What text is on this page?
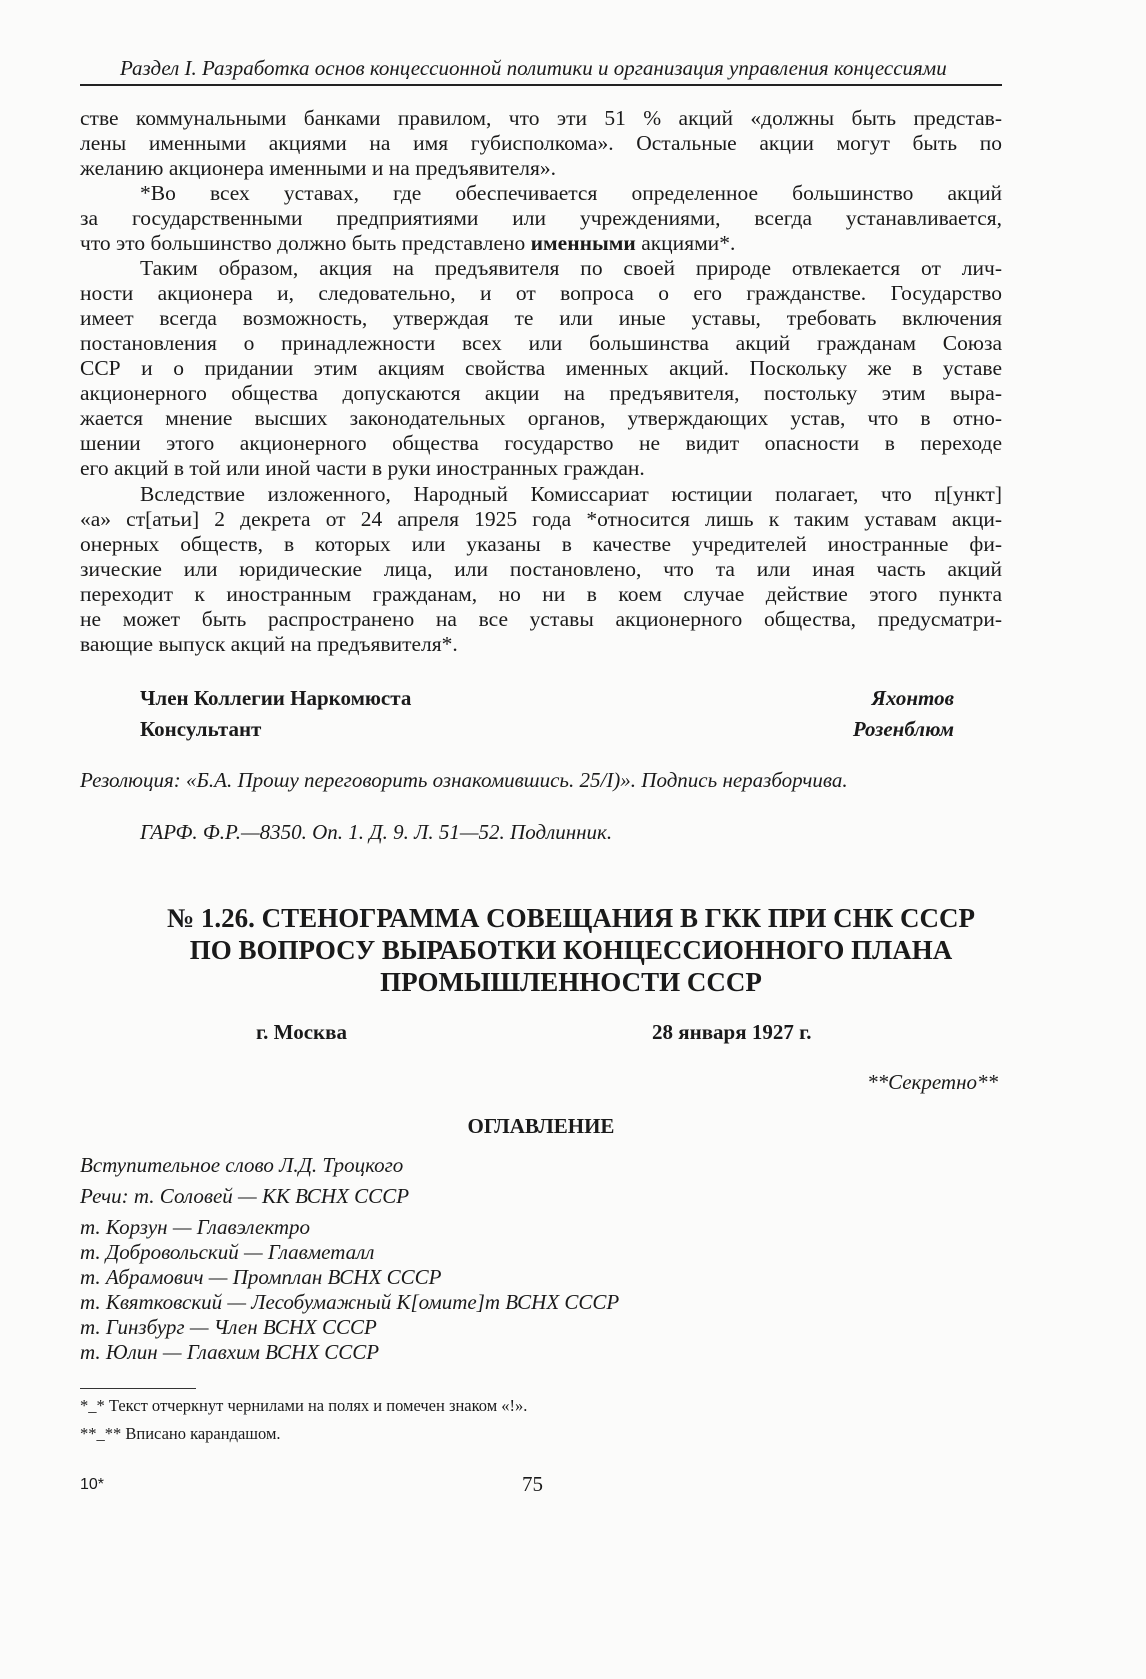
Раздел I. Разработка основ концессионной политики и организация управления концессиями
стве коммунальными банками правилом, что эти 51 % акций «должны быть представ-
лены именными акциями на имя губисполкома». Остальные акции могут быть по
желанию акционера именными и на предъявителя».
*Во всех уставах, где обеспечивается определенное большинство акций
за государственными предприятиями или учреждениями, всегда устанавливается,
что это большинство должно быть представлено именными акциями*.
Таким образом, акция на предъявителя по своей природе отвлекается от лич-
ности акционера и, следовательно, и от вопроса о его гражданстве. Государство
имеет всегда возможность, утверждая те или иные уставы, требовать включения
постановления о принадлежности всех или большинства акций гражданам Союза
ССР и о придании этим акциям свойства именных акций. Поскольку же в уставе
акционерного общества допускаются акции на предъявителя, постольку этим выра-
жается мнение высших законодательных органов, утверждающих устав, что в отно-
шении этого акционерного общества государство не видит опасности в переходе
его акций в той или иной части в руки иностранных граждан.
Вследствие изложенного, Народный Комиссариат юстиции полагает, что п[ункт]
«а» ст[атьи] 2 декрета от 24 апреля 1925 года *относится лишь к таким уставам акци-
онерных обществ, в которых или указаны в качестве учредителей иностранные фи-
зические или юридические лица, или постановлено, что та или иная часть акций
переходит к иностранным гражданам, но ни в коем случае действие этого пункта
не может быть распространено на все уставы акционерного общества, предусматри-
вающие выпуск акций на предъявителя*.
Член Коллегии Наркомюста	Яхонтов
Консультант	Розенблюм
Резолюция: «Б.А. Прошу переговорить ознакомившись. 25/I)». Подпись неразборчива.
ГАРФ. Ф.Р.—8350. Оп. 1. Д. 9. Л. 51—52. Подлинник.
№ 1.26. СТЕНОГРАММА СОВЕЩАНИЯ В ГКК ПРИ СНК СССР
ПО ВОПРОСУ ВЫРАБОТКИ КОНЦЕССИОННОГО ПЛАНА
ПРОМЫШЛЕННОСТИ СССР
г. Москва	28 января 1927 г.
**Секретно**
ОГЛАВЛЕНИЕ
Вступительное слово Л.Д. Троцкого
Речи: т. Соловей — КК ВСНХ СССР
т. Корзун — Главэлектро
т. Добровольский — Главметалл
т. Абрамович — Промплан ВСНХ СССР
т. Квятковский — Лесобумажный К[омите]т ВСНХ СССР
т. Гинзбург — Член ВСНХ СССР
т. Юлин — Главхим ВСНХ СССР
*_* Текст отчеркнут чернилами на полях и помечен знаком «!».
**_** Вписано карандашом.
10*	75
